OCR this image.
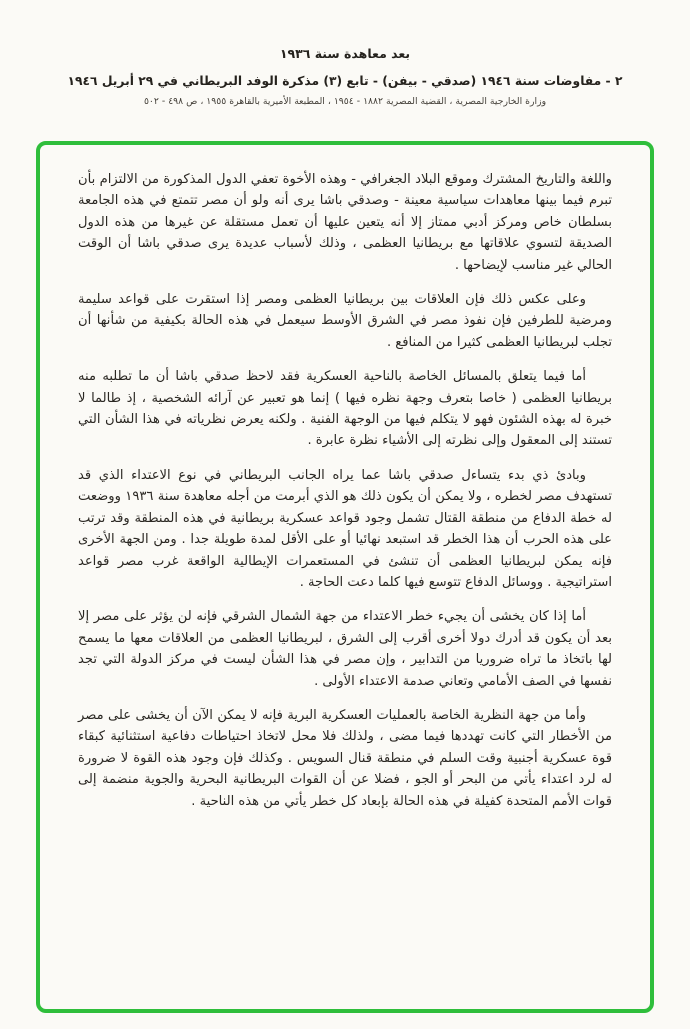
بعد معاهدة سنة ١٩٣٦
٢ - مفاوضات سنة ١٩٤٦ (صدقي - بيفن) - تابع (٣) مذكرة الوفد البريطاني في ٢٩ أبريل ١٩٤٦
وزارة الخارجية المصرية ، القضية المصرية ١٨٨٢ - ١٩٥٤ ، المطبعة الأميرية بالقاهرة ١٩٥٥ ، ص ٤٩٨ - ٥٠٢
واللغة والتاريخ المشترك وموقع البلاد الجغرافي - وهذه الأخوة تعفي الدول المذكورة من الالتزام بأن تبرم فيما بينها معاهدات سياسية معينة - وصدقي باشا يرى أنه ولو أن مصر تتمتع في هذه الجامعة بسلطان خاص ومركز أدبي ممتاز إلا أنه يتعين عليها أن تعمل مستقلة عن غيرها من هذه الدول الصديقة لتسوي علاقاتها مع بريطانيا العظمى ، وذلك لأسباب عديدة يرى صدقي باشا أن الوقت الحالي غير مناسب لإيضاحها .
وعلى عكس ذلك فإن العلاقات بين بريطانيا العظمى ومصر إذا استقرت على قواعد سليمة ومرضية للطرفين فإن نفوذ مصر في الشرق الأوسط سيعمل في هذه الحالة بكيفية من شأنها أن تجلب لبريطانيا العظمى كثيرا من المنافع .
أما فيما يتعلق بالمسائل الخاصة بالناحية العسكرية فقد لاحظ صدقي باشا أن ما تطلبه منه بريطانيا العظمى ( خاصا بتعرف وجهة نظره فيها ) إنما هو تعبير عن آرائه الشخصية ، إذ طالما لا خبرة له بهذه الشئون فهو لا يتكلم فيها من الوجهة الفنية . ولكنه يعرض نظرياته في هذا الشأن التي تستند إلى المعقول وإلى نظرته إلى الأشياء نظرة عابرة .
وبادئ ذي بدء يتساءل صدقي باشا عما يراه الجانب البريطاني في نوع الاعتداء الذي قد تستهدف مصر لخطره ، ولا يمكن أن يكون ذلك هو الذي أبرمت من أجله معاهدة سنة ١٩٣٦ ووضعت له خطة الدفاع من منطقة القتال تشمل وجود قواعد عسكرية بريطانية في هذه المنطقة وقد ترتب على هذه الحرب أن هذا الخطر قد استبعد نهائيا أو على الأقل لمدة طويلة جدا . ومن الجهة الأخرى فإنه يمكن لبريطانيا العظمى أن تنشئ في المستعمرات الإيطالية الواقعة غرب مصر قواعد استراتيجية . ووسائل الدفاع تتوسع فيها كلما دعت الحاجة .
أما إذا كان يخشى أن يجيء خطر الاعتداء من جهة الشمال الشرقي فإنه لن يؤثر على مصر إلا بعد أن يكون قد أدرك دولا أخرى أقرب إلى الشرق ، لبريطانيا العظمى من العلاقات معها ما يسمح لها باتخاذ ما تراه ضروريا من التدابير ، وإن مصر في هذا الشأن ليست في مركز الدولة التي تجد نفسها في الصف الأمامي وتعاني صدمة الاعتداء الأولى .
وأما من جهة النظرية الخاصة بالعمليات العسكرية البرية فإنه لا يمكن الآن أن يخشى على مصر من الأخطار التي كانت تهددها فيما مضى ، ولذلك فلا محل لاتخاذ احتياطات دفاعية استثنائية كبقاء قوة عسكرية أجنبية وقت السلم في منطقة قنال السويس . وكذلك فإن وجود هذه القوة لا ضرورة له لرد اعتداء يأتي من البحر أو الجو ، فضلا عن أن القوات البريطانية البحرية والجوية منضمة إلى قوات الأمم المتحدة كفيلة في هذه الحالة بإبعاد كل خطر يأتي من هذه الناحية .
